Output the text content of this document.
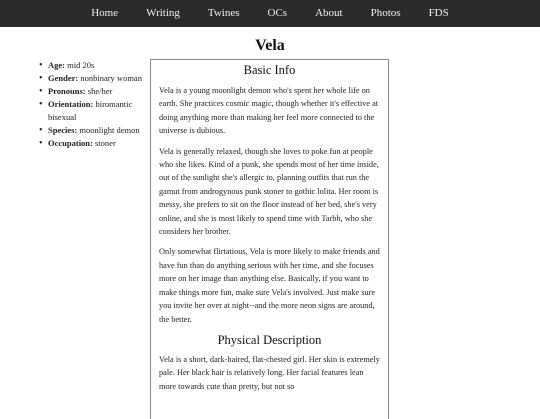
Home	Writing	Twines	OCs	About	Photos	FDS
Vela
• Age: mid 20s
• Gender: nonbinary woman
• Pronouns: she/her
• Orientation: biromantic bisexual
• Species: moonlight demon
• Occupation: stoner
Basic Info

Vela is a young moonlight demon who's spent her whole life on earth. She practices cosmic magic, though whether it's effective at doing anything more than making her feel more connected to the universe is dubious.

Vela is generally relaxed, though she loves to poke fun at people who she likes. Kind of a punk, she spends most of her time inside, out of the sunlight she's allergic to, planning outfits that run the gamut from androgynous punk stoner to gothic lolita. Her room is messy, she prefers to sit on the floor instead of her bed, she's very online, and she is most likely to spend time with Tarbh, who she considers her brother.

Only somewhat flirtatious, Vela is more likely to make friends and have fun than do anything serious with her time, and she focuses more on her image than anything else. Basically, if you want to make things more fun, make sure Vela's involved. Just make sure you invite her over at night--and the more neon signs are around, the better.

Physical Description

Vela is a short, dark-haired, flat-chested girl. Her skin is extremely pale. Her black hair is relatively long. Her facial features lean more towards cute than pretty, but not so
